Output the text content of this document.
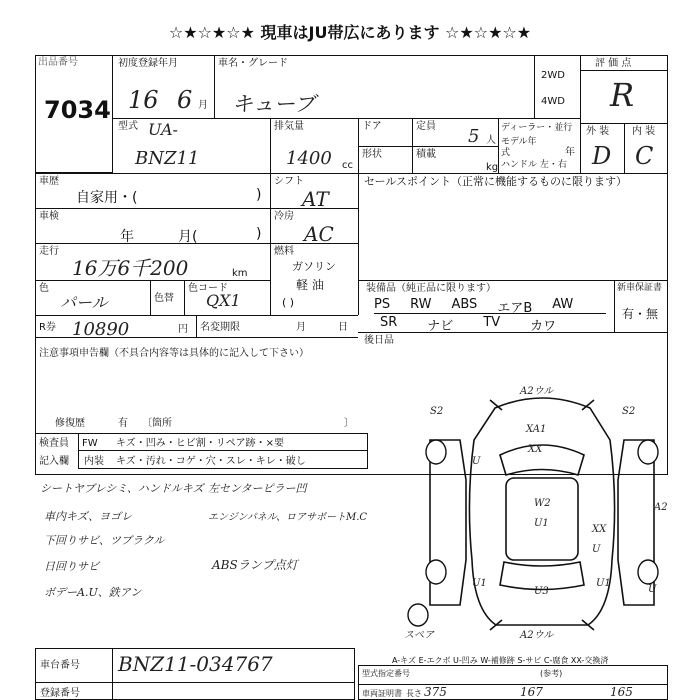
☆★☆★☆★ 現車はJU帯広にあります ☆★☆★☆★
出品番号
7034
初度登録年月
16 6 月
車名・グレード
キューブ
2WD
4WD
評 価 点
R
外 装 内 装
D C
型式 UA-
BNZ11
排気量
1400 cc
ドア	定員 5 人
形状	積載
kg
ディーラー・並行
モデル年式	年
ハンドル 左・右
車歴
自家用・(	)
シフト
AT
セールスポイント（正常に機能するものに限ります）
車検
年	月(	)
冷房
AC
走行
16万6千200	km
燃料
ガソリン
軽 油
( )
色
パール	色替
色コード
QX1
装備品（純正品に限ります）	新車保証書
有・無
PS RW ABS エアB AW
SR ナビ TV カワ
R券 10890	円 名変期限	月	日
後日品
注意事項申告欄（不具合内容等は具体的に記入して下さい）
修復歴	有 〔箇所	〕
検査員 FW キズ・凹み・ヒビ割・リペア跡・×要
記入欄 内装 キズ・汚れ・コゲ・穴・スレ・キレ・破し
シートヤブレシミ、ハンドルキズ 左センターピラー凹
車内キズ、ヨゴレ	エンジンパネル、ロアサポートM.C
下回りサビ、ツブラクル
日回りサビ	ABSランプ点灯
ボデーA.U、鉄アン
A2ウル
S2	S2
XA1
XX
U
W2
U1
XX
U
A2
U1	U1
U3	U
A2ウル
スペア
A-キズ E-エクボ U-凹み W-補修跡 S-サビ C-腐食 XX-交換済
車台番号 BNZ11-034767
登録番号
型式指定番号	(参考)
車両証明書 長さ 375	167	165
